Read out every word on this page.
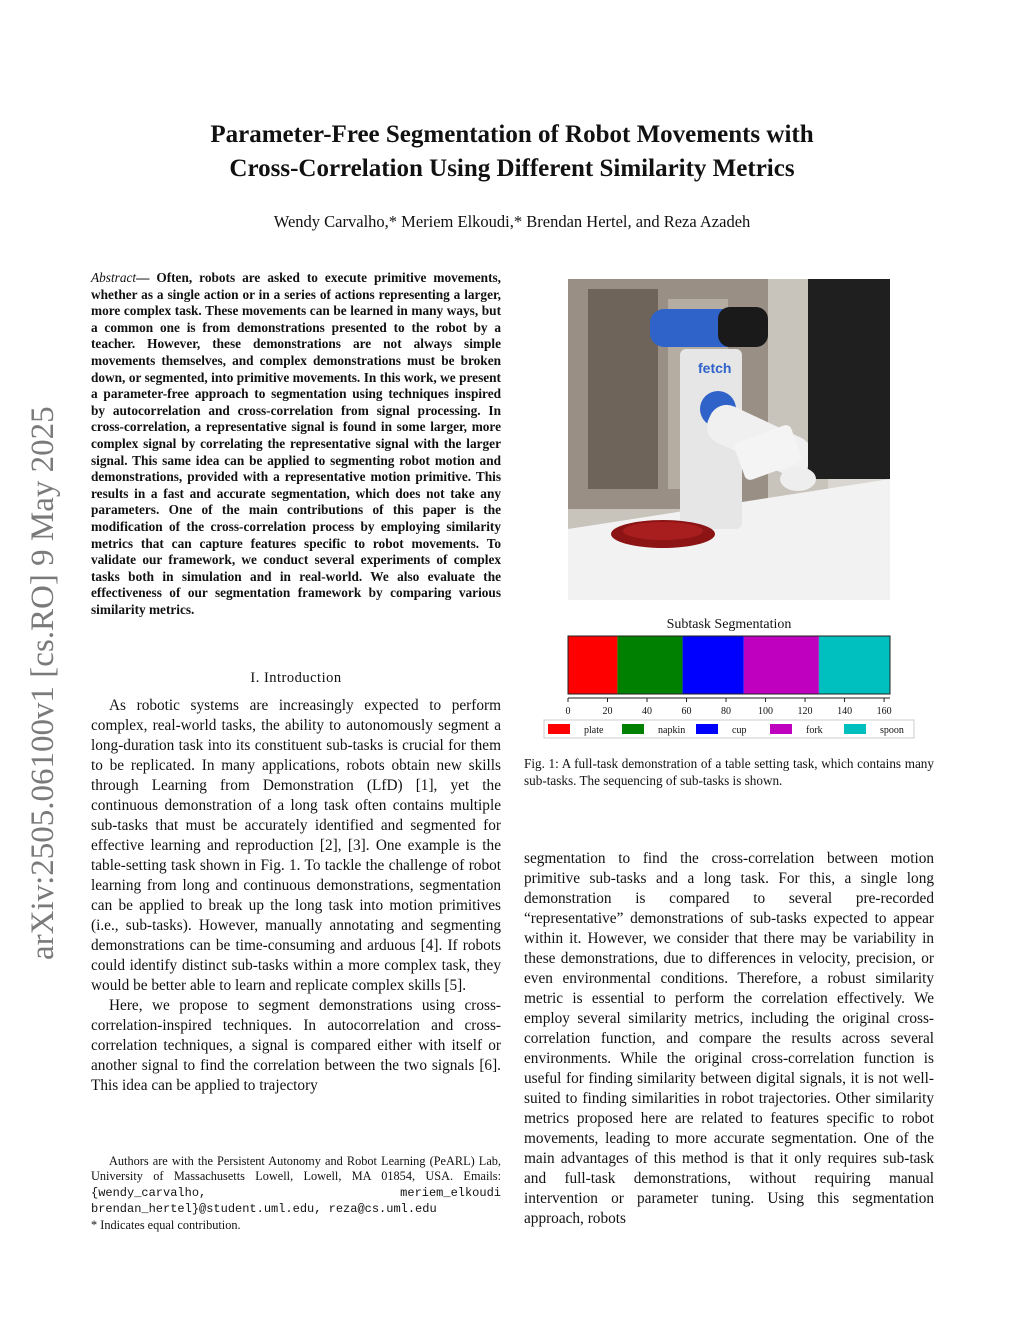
Parameter-Free Segmentation of Robot Movements with
Cross-Correlation Using Different Similarity Metrics
Wendy Carvalho,* Meriem Elkoudi,* Brendan Hertel, and Reza Azadeh
arXiv:2505.06100v1 [cs.RO] 9 May 2025
Abstract— Often, robots are asked to execute primitive movements, whether as a single action or in a series of actions representing a larger, more complex task. These movements can be learned in many ways, but a common one is from demonstrations presented to the robot by a teacher. However, these demonstrations are not always simple movements themselves, and complex demonstrations must be broken down, or segmented, into primitive movements. In this work, we present a parameter-free approach to segmentation using techniques inspired by autocorrelation and cross-correlation from signal processing. In cross-correlation, a representative signal is found in some larger, more complex signal by correlating the representative signal with the larger signal. This same idea can be applied to segmenting robot motion and demonstrations, provided with a representative motion primitive. This results in a fast and accurate segmentation, which does not take any parameters. One of the main contributions of this paper is the modification of the cross-correlation process by employing similarity metrics that can capture features specific to robot movements. To validate our framework, we conduct several experiments of complex tasks both in simulation and in real-world. We also evaluate the effectiveness of our segmentation framework by comparing various similarity metrics.
I. Introduction

As robotic systems are increasingly expected to perform complex, real-world tasks, the ability to autonomously segment a long-duration task into its constituent sub-tasks is crucial for them to be replicated. In many applications, robots obtain new skills through Learning from Demonstration (LfD) [1], yet the continuous demonstration of a long task often contains multiple sub-tasks that must be accurately identified and segmented for effective learning and reproduction [2], [3]. One example is the table-setting task shown in Fig. 1. To tackle the challenge of robot learning from long and continuous demonstrations, segmentation can be applied to break up the long task into motion primitives (i.e., sub-tasks). However, manually annotating and segmenting demonstrations can be time-consuming and arduous [4]. If robots could identify distinct sub-tasks within a more complex task, they would be better able to learn and replicate complex skills [5].

Here, we propose to segment demonstrations using cross-correlation-inspired techniques. In autocorrelation and cross-correlation techniques, a signal is compared either with itself or another signal to find the correlation between the two signals [6]. This idea can be applied to trajectory

Authors are with the Persistent Autonomy and Robot Learning (PeARL) Lab, University of Massachusetts Lowell, Lowell, MA 01854, USA. Emails: {wendy_carvalho, meriem_elkoudi brendan_hertel}@student.uml.edu, reza@cs.uml.edu
* Indicates equal contribution.
fetch
Subtask Segmentation
0	20	40	60	80	100 120 140 160
plate	napkin	cup	fork	spoon
Fig. 1: A full-task demonstration of a table setting task, which contains many sub-tasks. The sequencing of sub-tasks is shown.
segmentation to find the cross-correlation between motion primitive sub-tasks and a long task. For this, a single long demonstration is compared to several pre-recorded “representative” demonstrations of sub-tasks expected to appear within it. However, we consider that there may be variability in these demonstrations, due to differences in velocity, precision, or even environmental conditions. Therefore, a robust similarity metric is essential to perform the correlation effectively. We employ several similarity metrics, including the original cross-correlation function, and compare the results across several environments. While the original cross-correlation function is useful for finding similarity between digital signals, it is not well-suited to finding similarities in robot trajectories. Other similarity metrics proposed here are related to features specific to robot movements, leading to more accurate segmentation. One of the main advantages of this method is that it only requires sub-task and full-task demonstrations, without requiring manual intervention or parameter tuning. Using this segmentation approach, robots
